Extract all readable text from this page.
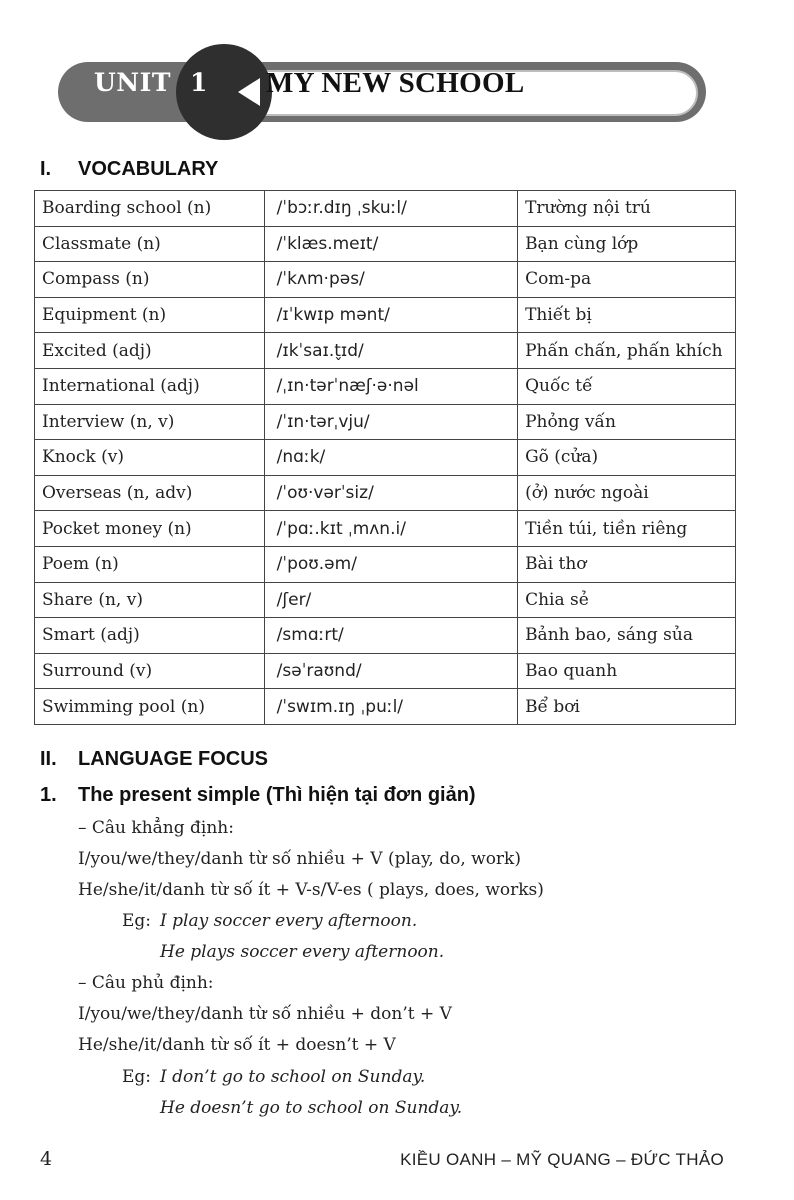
UNIT 1 MY NEW SCHOOL
I. VOCABULARY
Boarding school (n)	/ˈbɔːr.dɪŋ ˌskuːl/	Trường nội trú
Classmate (n)	/ˈklæs.meɪt/	Bạn cùng lớp
Compass (n)	/ˈkʌm·pəs/	Com-pa
Equipment (n)	/ɪˈkwɪp mənt/	Thiết bị
Excited (adj)	/ɪkˈsaɪ.t̬ɪd/	Phấn chấn, phấn khích
International (adj)	/ˌɪn·tərˈnæʃ·ə·nəl	Quốc tế
Interview (n, v)	/ˈɪn·tərˌvju/	Phỏng vấn
Knock (v)	/nɑːk/	Gõ (cửa)
Overseas (n, adv)	/ˈoʊ·vərˈsiz/	(ở) nước ngoài
Pocket money (n)	/ˈpɑː.kɪt ˌmʌn.i/	Tiền túi, tiền riêng
Poem (n)	/ˈpoʊ.əm/	Bài thơ
Share (n, v)	/ʃer/	Chia sẻ
Smart (adj)	/smɑːrt/	Bảnh bao, sáng sủa
Surround (v)	/səˈraʊnd/	Bao quanh
Swimming pool (n)	/ˈswɪm.ɪŋ ˌpuːl/	Bể bơi
II. LANGUAGE FOCUS
1. The present simple (Thì hiện tại đơn giản)
– Câu khẳng định:
I/you/we/they/danh từ số nhiều + V (play, do, work)
He/she/it/danh từ số ít + V-s/V-es ( plays, does, works)
Eg: I play soccer every afternoon.
He plays soccer every afternoon.
– Câu phủ định:
I/you/we/they/danh từ số nhiều + don’t + V
He/she/it/danh từ số ít + doesn’t + V
Eg: I don’t go to school on Sunday.
He doesn’t go to school on Sunday.
4	KIỀU OANH – MỸ QUANG – ĐỨC THẢO
